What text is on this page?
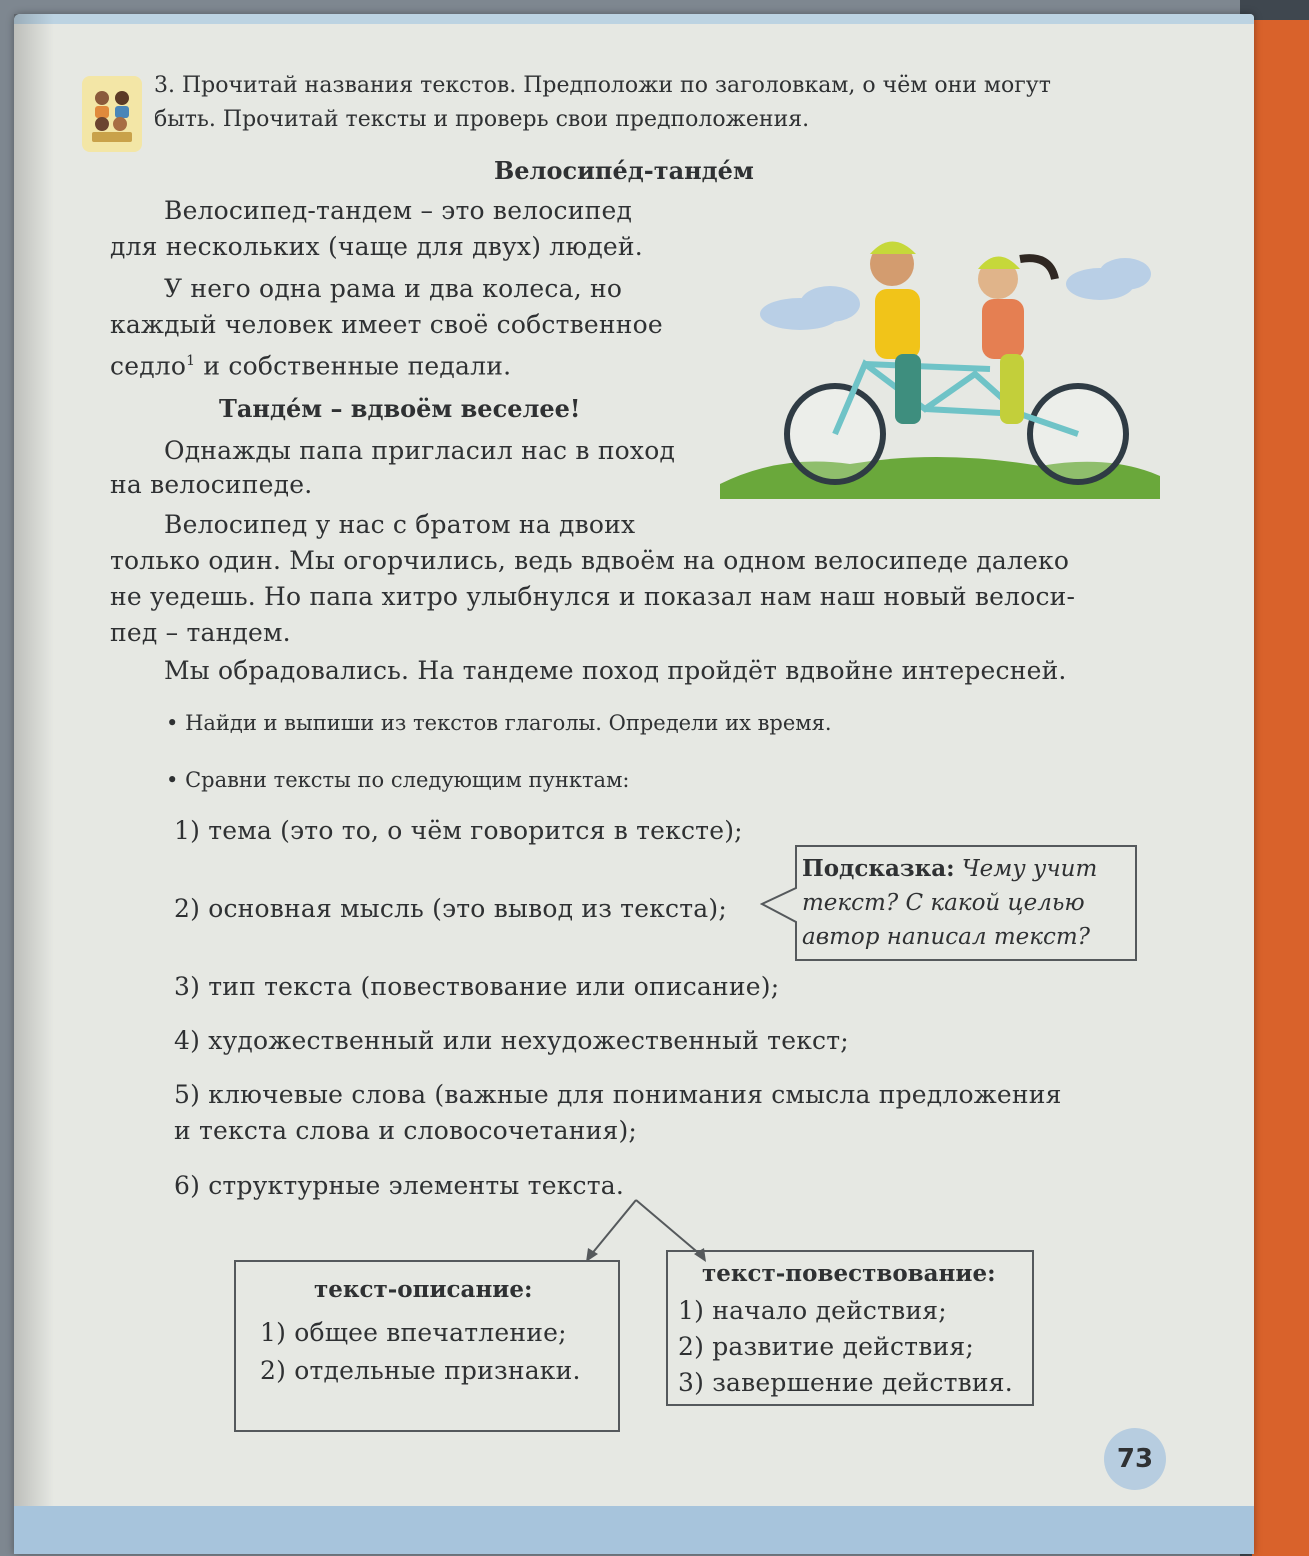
3. Прочитай названия текстов. Предположи по заголовкам, о чём они могут
быть. Прочитай тексты и проверь свои предположения.
Велосипе́д-танде́м
Велосипед-тандем – это велосипед
для нескольких (чаще для двух) людей.
У него одна рама и два колеса, но
каждый человек имеет своё собственное
седло$^1$ и собственные педали.
Танде́м – вдвоём веселее!
Однажды папа пригласил нас в поход
на велосипеде.
Велосипед у нас с братом на двоих
только один. Мы огорчились, ведь вдвоём на одном велосипеде далеко
не уедешь. Но папа хитро улыбнулся и показал нам наш новый велоси-
пед – тандем.
Мы обрадовались. На тандеме поход пройдёт вдвойне интересней.
• Найди и выпиши из текстов глаголы. Определи их время.
• Сравни тексты по следующим пунктам:
1) тема (это то, о чём говорится в тексте);
2) основная мысль (это вывод из текста);
3) тип текста (повествование или описание);
4) художественный или нехудожественный текст;
5) ключевые слова (важные для понимания смысла предложения
и текста слова и словосочетания);
6) структурные элементы текста.
Подсказка: Чему учит
текст? С какой целью
автор написал текст?
текст-описание:
1) общее впечатление;
2) отдельные признаки.
текст-повествование:
1) начало действия;
2) развитие действия;
3) завершение действия.
73
